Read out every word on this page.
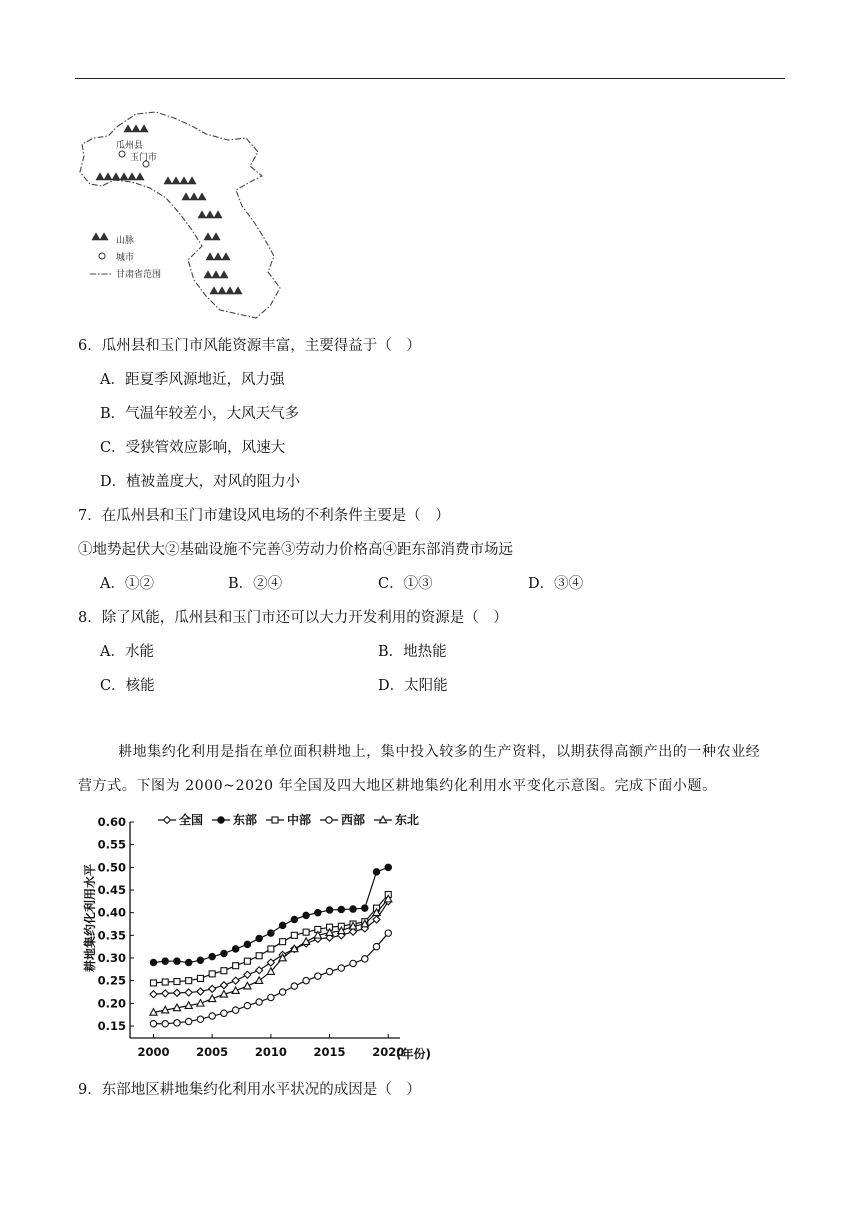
瓜州县
玉门市
山脉
城市
甘肃省范围
6．瓜州县和玉门市风能资源丰富，主要得益于（　）
A．距夏季风源地近，风力强
B．气温年较差小，大风天气多
C．受狭管效应影响，风速大
D．植被盖度大，对风的阻力小
7．在瓜州县和玉门市建设风电场的不利条件主要是（　）
①地势起伏大②基础设施不完善③劳动力价格高④距东部消费市场远
A．①②	B．②④	C．①③	D．③④
8．除了风能，瓜州县和玉门市还可以大力开发利用的资源是（　）
A．水能	B．地热能
C．核能	D．太阳能
耕地集约化利用是指在单位面积耕地上，集中投入较多的生产资料，以期获得高额产出的一种农业经
营方式。下图为 2000~2020 年全国及四大地区耕地集约化利用水平变化示意图。完成下面小题。
0.60
0.55
0.50
0.45
0.40
0.35
0.30
0.25
0.20
0.15
2000 2005 2010 2015 2020
全国 东部 中部 西部 东北
耕地集约化利用水平
(年份)
9．东部地区耕地集约化利用水平状况的成因是（　）
